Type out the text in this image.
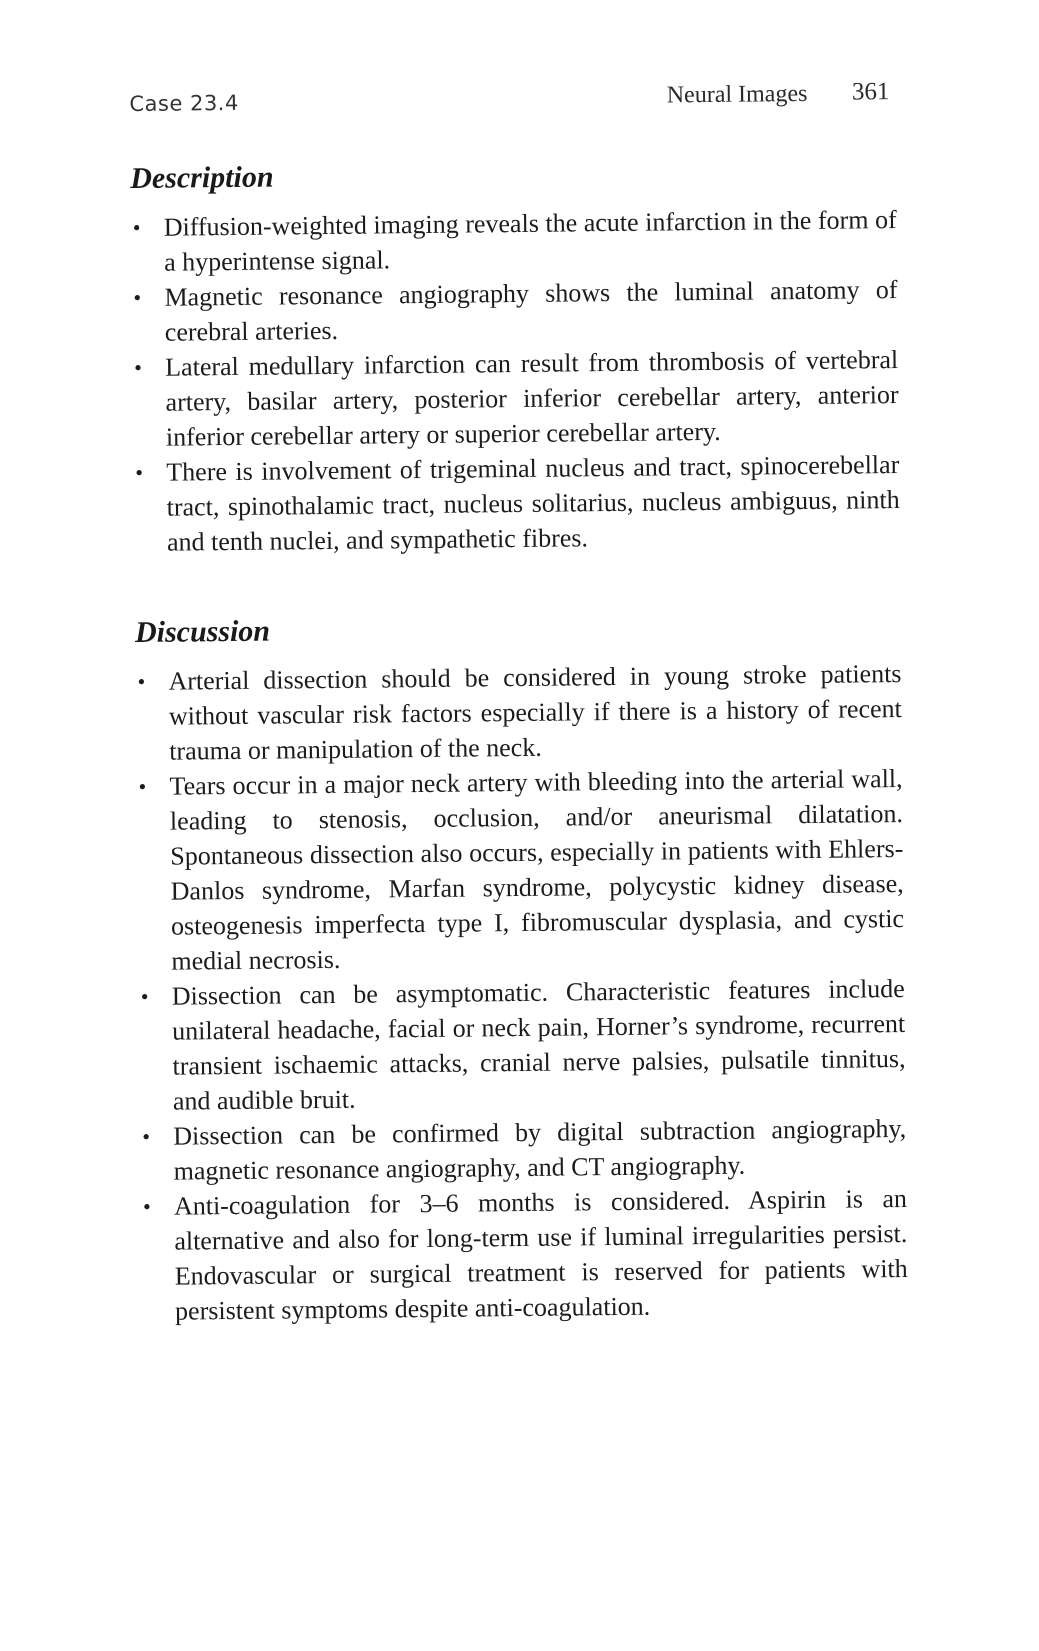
Case 23.4	Neural Images 361
Description
• Diffusion-weighted imaging reveals the acute infarction in the form of a hyperintense signal.
• Magnetic resonance angiography shows the luminal anatomy of cerebral arteries.
• Lateral medullary infarction can result from thrombosis of vertebral artery, basilar artery, posterior inferior cerebellar artery, anterior inferior cerebellar artery or superior cerebellar artery.
• There is involvement of trigeminal nucleus and tract, spinocerebellar tract, spinothalamic tract, nucleus solitarius, nucleus ambiguus, ninth and tenth nuclei, and sympathetic fibres.
Discussion
• Arterial dissection should be considered in young stroke patients without vascular risk factors especially if there is a history of recent trauma or manipulation of the neck.
• Tears occur in a major neck artery with bleeding into the arterial wall, leading to stenosis, occlusion, and/or aneurismal dilatation. Spontaneous dissection also occurs, especially in patients with Ehlers-Danlos syndrome, Marfan syndrome, polycystic kidney disease, osteogenesis imperfecta type I, fibromuscular dysplasia, and cystic medial necrosis.
• Dissection can be asymptomatic. Characteristic features include unilateral headache, facial or neck pain, Horner’s syndrome, recurrent transient ischaemic attacks, cranial nerve palsies, pulsatile tinnitus, and audible bruit.
• Dissection can be confirmed by digital subtraction angiography, magnetic resonance angiography, and CT angiography.
• Anti-coagulation for 3–6 months is considered. Aspirin is an alternative and also for long-term use if luminal irregularities persist. Endovascular or surgical treatment is reserved for patients with persistent symptoms despite anti-coagulation.
